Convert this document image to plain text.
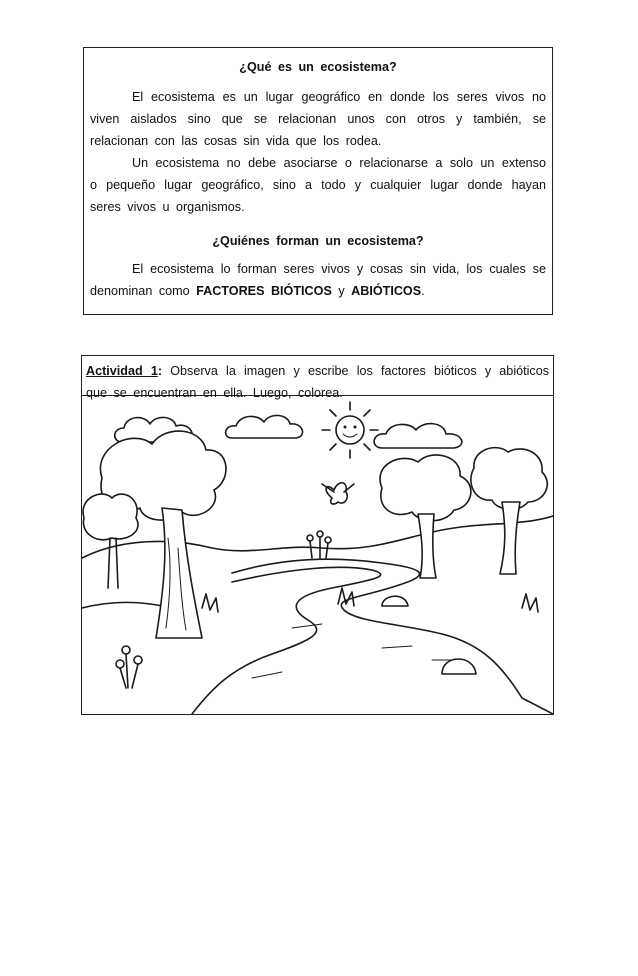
¿Qué es un ecosistema?

El ecosistema es un lugar geográfico en donde los seres vivos no viven aislados sino que se relacionan unos con otros y también, se relacionan con las cosas sin vida que los rodea.

Un ecosistema no debe asociarse o relacionarse a solo un extenso o pequeño lugar geográfico, sino a todo y cualquier lugar donde hayan seres vivos u organismos.

¿Quiénes forman un ecosistema?

El ecosistema lo forman seres vivos y cosas sin vida, los cuales se denominan como FACTORES BIÓTICOS y ABIÓTICOS.

Actividad 1: Observa la imagen y escribe los factores bióticos y abióticos que se encuentran en ella. Luego, colorea.
